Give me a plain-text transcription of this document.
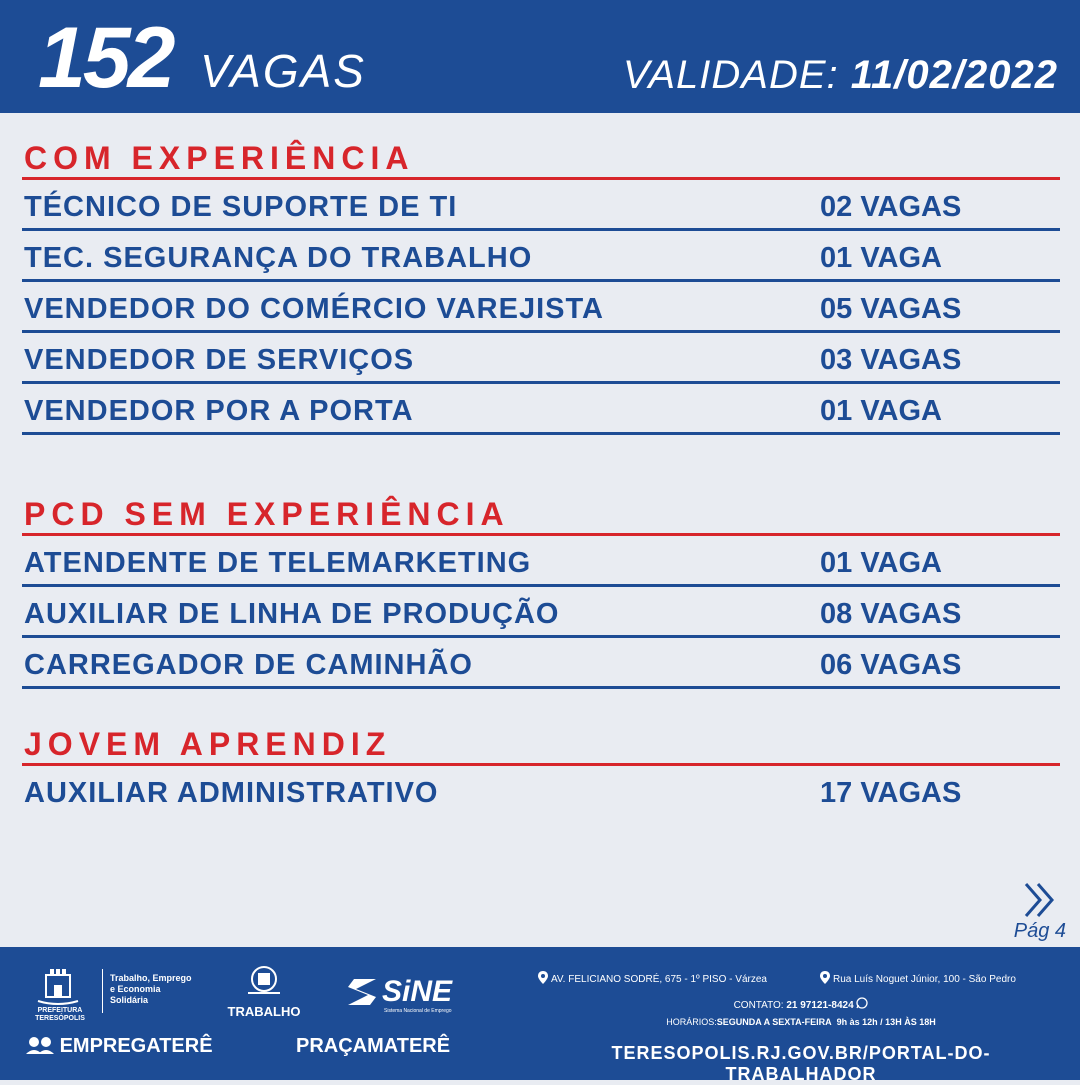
152 VAGAS	VALIDADE: 11/02/2022
COM EXPERIÊNCIA
TÉCNICO DE SUPORTE DE TI	02 VAGAS
TEC. SEGURANÇA DO TRABALHO	01 VAGA
VENDEDOR DO COMÉRCIO VAREJISTA	05 VAGAS
VENDEDOR DE SERVIÇOS	03 VAGAS
VENDEDOR POR A PORTA	01 VAGA
PCD SEM EXPERIÊNCIA
ATENDENTE DE TELEMARKETING	01 VAGA
AUXILIAR DE LINHA DE PRODUÇÃO	08 VAGAS
CARREGADOR DE CAMINHÃO	06 VAGAS
JOVEM APRENDIZ
AUXILIAR ADMINISTRATIVO	17 VAGAS
Pág 4
PREFEITURA TERESÓPOLIS
Trabalho, Emprego
e Economia
Solidária
TRABALHO
SiNE
Sistema Nacional de Emprego
EMPREGATERÊ	PRAÇAMATERÊ
AV. FELICIANO SODRÉ, 675 - 1º PISO - Várzea	Rua Luís Noguet Júnior, 100 - São Pedro
CONTATO: 21 97121-8424
HORÁRIOS:SEGUNDA A SEXTA-FEIRA 9h às 12h / 13H ÀS 18H
TERESOPOLIS.RJ.GOV.BR/PORTAL-DO-TRABALHADOR
